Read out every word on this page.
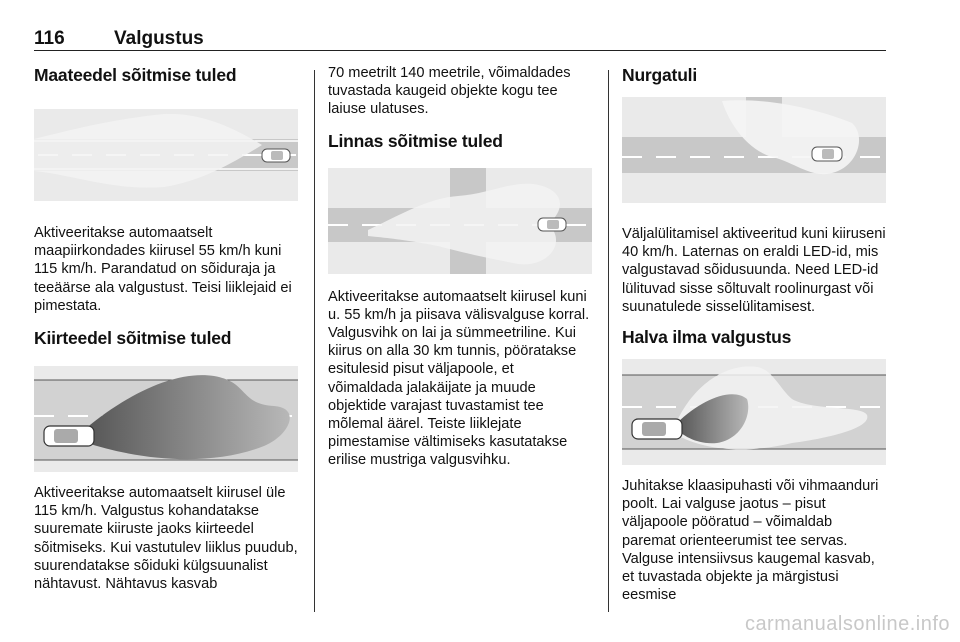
116	Valgustus
Maateedel sõitmise tuled

Aktiveeritakse automaatselt maapiirkondades kiirusel 55 km/h kuni 115 km/h. Parandatud on sõiduraja ja teeäärse ala valgustust. Teisi liiklejaid ei pimestata.

Kiirteedel sõitmise tuled

Aktiveeritakse automaatselt kiirusel üle 115 km/h. Valgustus kohandatakse suuremate kiiruste jaoks kiirteedel sõitmiseks. Kui vastutulev liiklus puudub, suurendatakse sõiduki külgsuunalist nähtavust. Nähtavus kasvab

70 meetrilt 140 meetrile, võimaldades tuvastada kaugeid objekte kogu tee laiuse ulatuses.

Linnas sõitmise tuled

Aktiveeritakse automaatselt kiirusel kuni u. 55 km/h ja piisava välisvalguse korral. Valgusvihk on lai ja sümmeetriline. Kui kiirus on alla 30 km tunnis, pööratakse esitulesid pisut väljapoole, et võimaldada jalakäijate ja muude objektide varajast tuvastamist tee mõlemal äärel. Teiste liiklejate pimestamise vältimiseks kasutatakse erilise mustriga valgusvihku.

Nurgatuli

Väljalülitamisel aktiveeritud kuni kiiruseni 40 km/h. Laternas on eraldi LED-id, mis valgustavad sõidusuunda. Need LED-id lülituvad sisse sõltuvalt roolinurgast või suunatulede sisselülitamisest.

Halva ilma valgustus

Juhitakse klaasipuhasti või vihmaanduri poolt. Lai valguse jaotus – pisut väljapoole pööratud – võimaldab paremat orienteerumist tee servas. Valguse intensiivsus kaugemal kasvab, et tuvastada objekte ja märgistusi eesmise

carmanualsonline.info
